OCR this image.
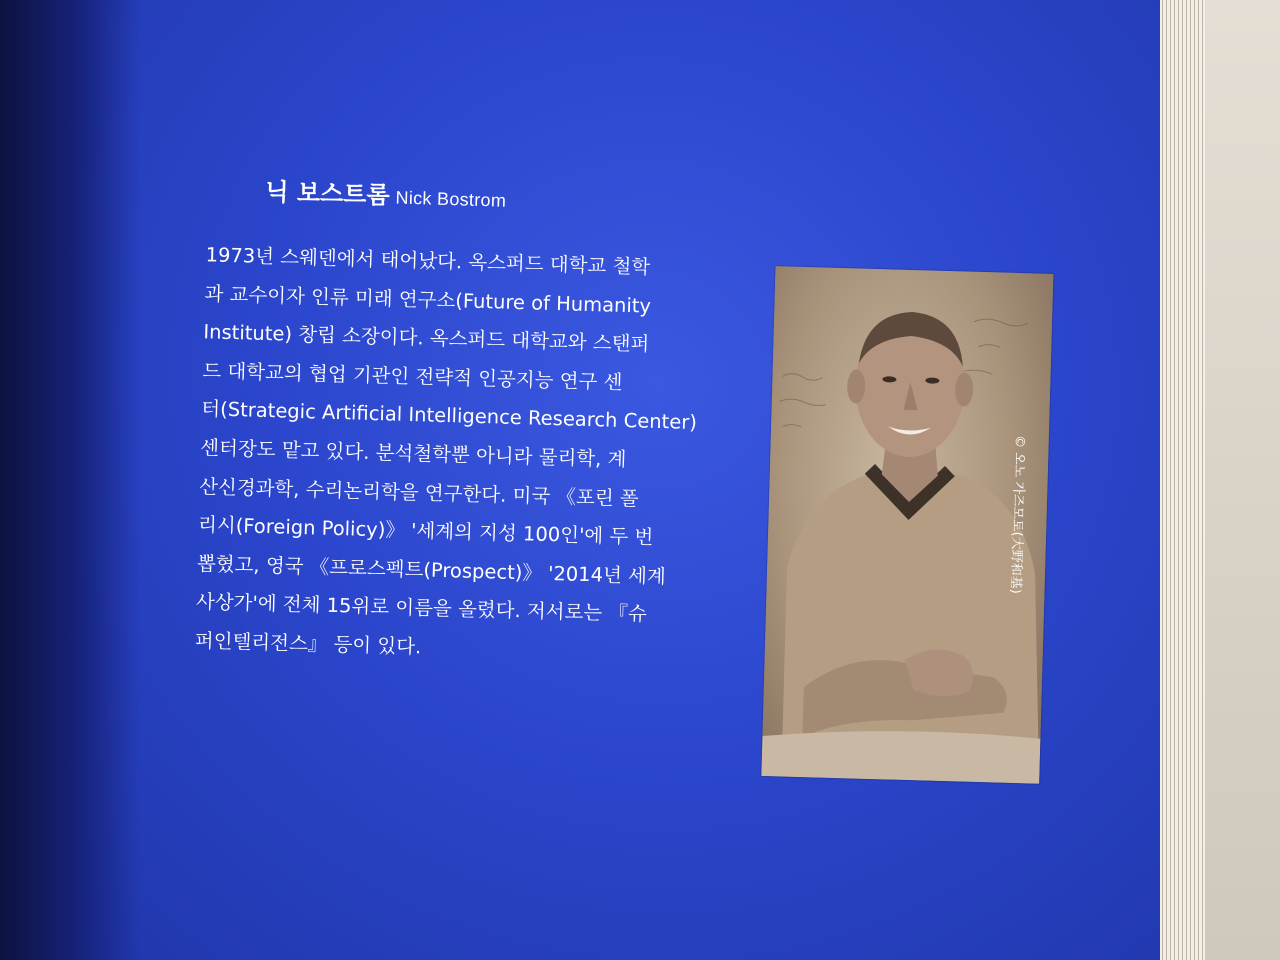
닉 보스트롬 Nick Bostrom
1973년 스웨덴에서 태어났다. 옥스퍼드 대학교 철학
과 교수이자 인류 미래 연구소(Future of Humanity
Institute) 창립 소장이다. 옥스퍼드 대학교와 스탠퍼
드 대학교의 협업 기관인 전략적 인공지능 연구 센
터(Strategic Artificial Intelligence Research Center)
센터장도 맡고 있다. 분석철학뿐 아니라 물리학, 계
산신경과학, 수리논리학을 연구한다. 미국 《포린 폴
리시(Foreign Policy)》 '세계의 지성 100인'에 두 번
뽑혔고, 영국 《프로스펙트(Prospect)》 '2014년 세계
사상가'에 전체 15위로 이름을 올렸다. 저서로는 『슈
퍼인텔리전스』 등이 있다.
© 오노 가즈모토(大野和基)
